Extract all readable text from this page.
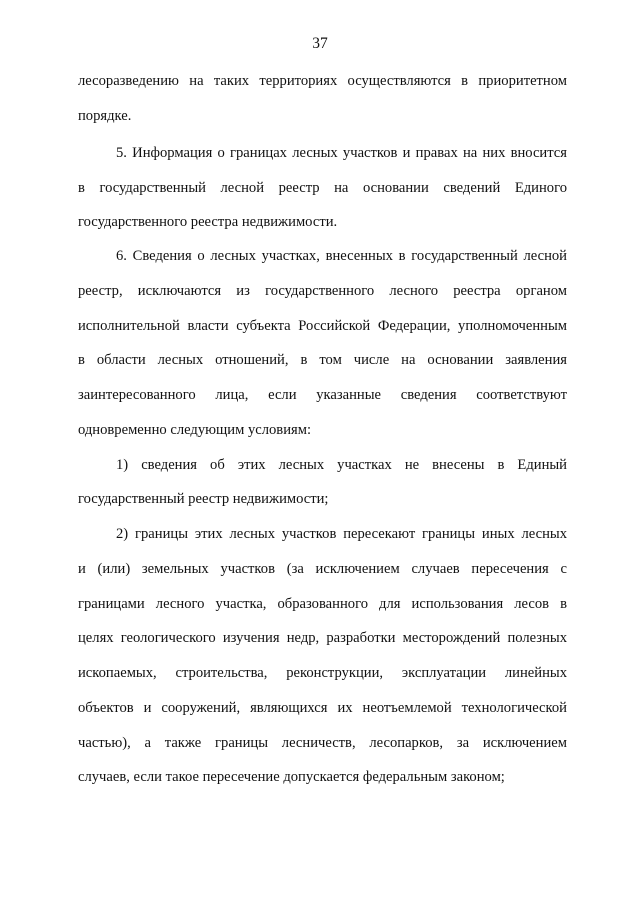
37
лесоразведению на таких территориях осуществляются в приоритетном
порядке.
5. Информация о границах лесных участков и правах на них вносится
в государственный лесной реестр на основании сведений Единого
государственного реестра недвижимости.
6. Сведения о лесных участках, внесенных в государственный лесной
реестр, исключаются из государственного лесного реестра органом
исполнительной власти субъекта Российской Федерации, уполномоченным
в области лесных отношений, в том числе на основании заявления
заинтересованного лица, если указанные сведения соответствуют
одновременно следующим условиям:
1) сведения об этих лесных участках не внесены в Единый
государственный реестр недвижимости;
2) границы этих лесных участков пересекают границы иных лесных
и (или) земельных участков (за исключением случаев пересечения с
границами лесного участка, образованного для использования лесов в
целях геологического изучения недр, разработки месторождений полезных
ископаемых, строительства, реконструкции, эксплуатации линейных
объектов и сооружений, являющихся их неотъемлемой технологической
частью), а также границы лесничеств, лесопарков, за исключением
случаев, если такое пересечение допускается федеральным законом;
